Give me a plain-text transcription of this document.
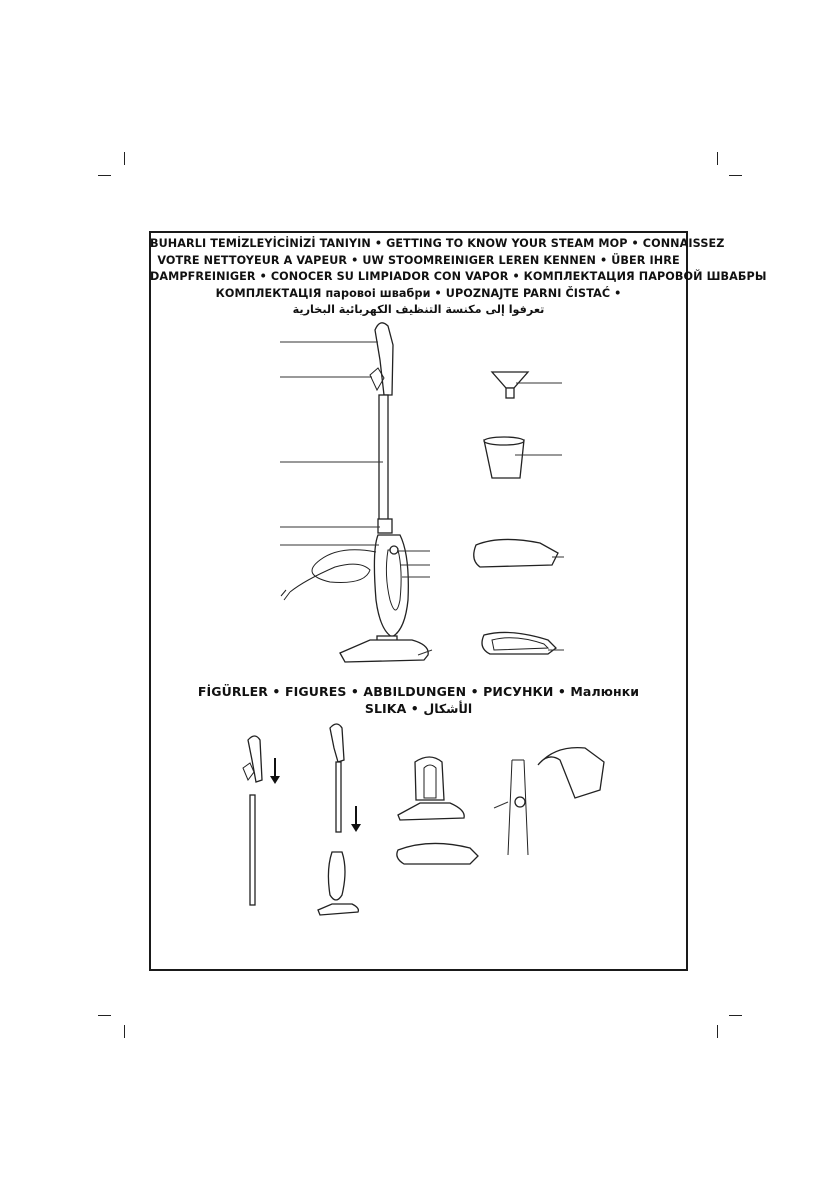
BUHARLI TEMİZLEYİCİNİZİ TANIYIN • GETTING TO KNOW YOUR STEAM MOP • CONNAISSEZ
VOTRE NETTOYEUR A VAPEUR • UW STOOMREINIGER LEREN KENNEN • ÜBER IHRE
DAMPFREINIGER • CONOCER SU LIMPIADOR CON VAPOR • КОМПЛЕКТАЦИЯ ПАРОВОЙ ШВАБРЫ
КОМПЛЕКТАЦІЯ паровоі швабри • UPOZNAJTE PARNI ČISTAĆ •
تعرفوا إلى مكنسة التنظيف الكهربائية البخارية
FİGÜRLER • FIGURES • ABBILDUNGEN • РИСУНКИ • Малюнки
SLIKA • الأشكال
